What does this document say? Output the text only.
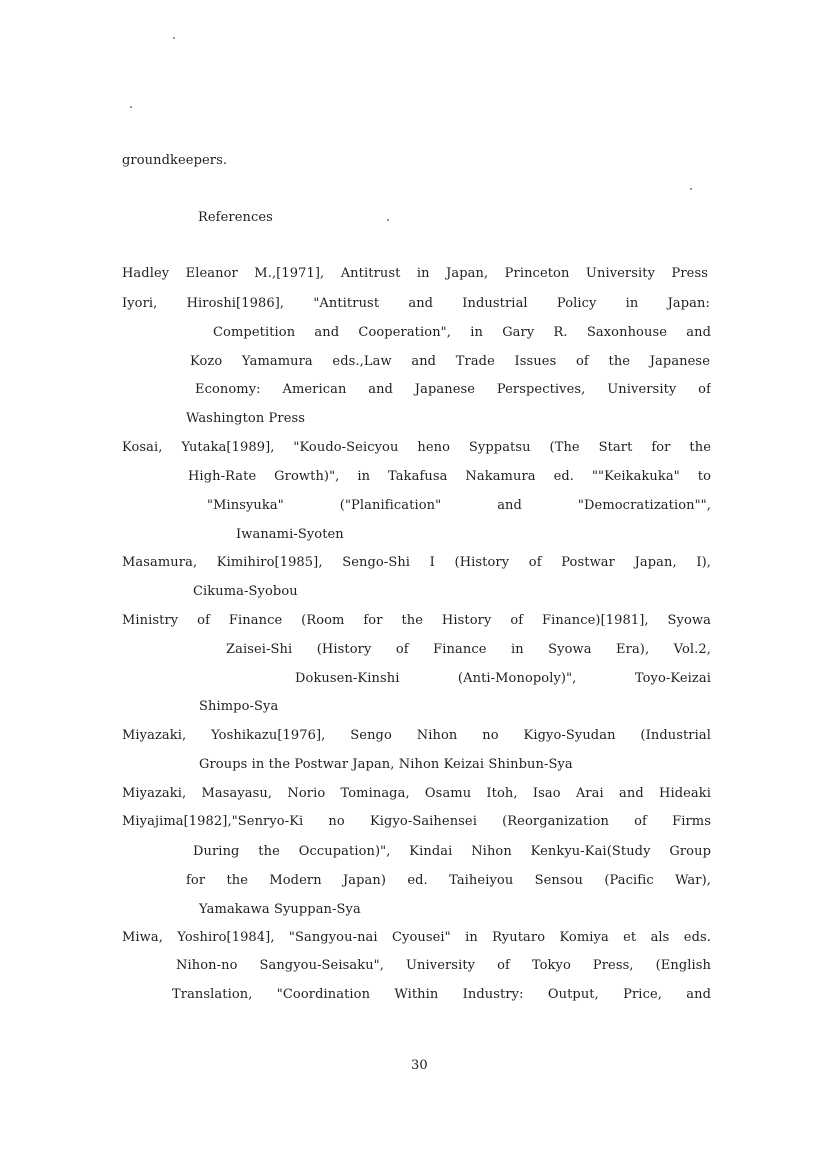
groundkeepers.
References
Hadley Eleanor M.,[1971], Antitrust in Japan, Princeton University Press
Iyori, Hiroshi[1986], "Antitrust and Industrial Policy in Japan:
Competition and Cooperation", in Gary R. Saxonhouse and
Kozo Yamamura eds.,Law and Trade Issues of the Japanese
Economy: American and Japanese Perspectives, University of
Washington Press
Kosai, Yutaka[1989], "Koudo-Seicyou heno Syppatsu (The Start for the
High-Rate Growth)", in Takafusa Nakamura ed. ""Keikakuka" to
"Minsyuka" ("Planification" and "Democratization"",
Iwanami-Syoten
Masamura, Kimihiro[1985], Sengo-Shi I (History of Postwar Japan, I),
Cikuma-Syobou
Ministry of Finance (Room for the History of Finance)[1981], Syowa
Zaisei-Shi (History of Finance in Syowa Era), Vol.2,
Dokusen-Kinshi (Anti-Monopoly)", Toyo-Keizai
Shimpo-Sya
Miyazaki, Yoshikazu[1976], Sengo Nihon no Kigyo-Syudan (Industrial
Groups in the Postwar Japan, Nihon Keizai Shinbun-Sya
Miyazaki, Masayasu, Norio Tominaga, Osamu Itoh, Isao Arai and Hideaki
Miyajima[1982],"Senryo-Ki no Kigyo-Saihensei (Reorganization of Firms
During the Occupation)", Kindai Nihon Kenkyu-Kai(Study Group
for the Modern Japan) ed. Taiheiyou Sensou (Pacific War),
Yamakawa Syuppan-Sya
Miwa, Yoshiro[1984], "Sangyou-nai Cyousei" in Ryutaro Komiya et als eds.
Nihon-no Sangyou-Seisaku", University of Tokyo Press, (English
Translation, "Coordination Within Industry: Output, Price, and
30
